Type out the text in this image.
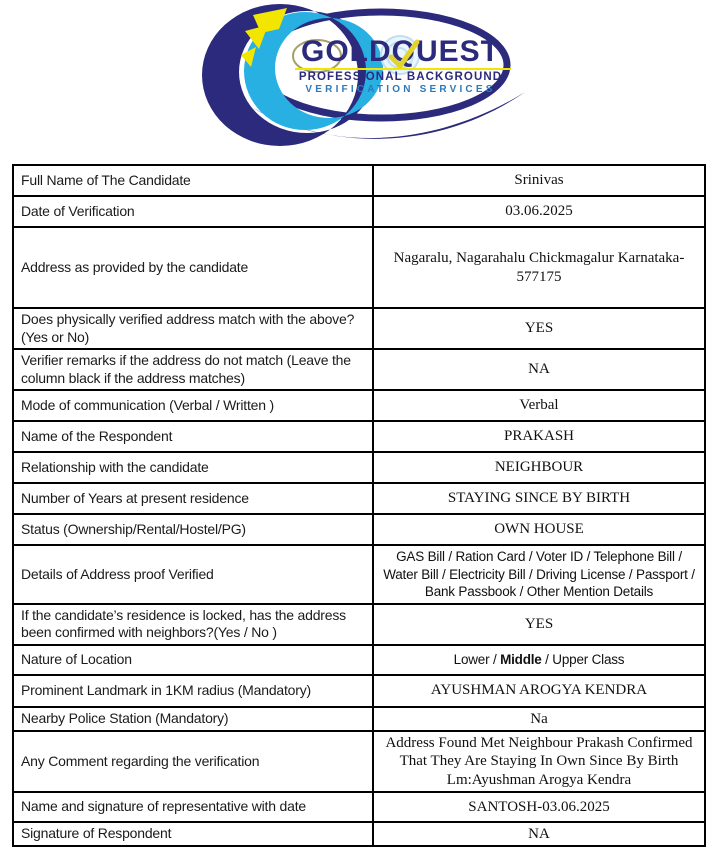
GOLDQUEST
PROFESSIONAL BACKGROUND
VERIFICATION SERVICES
Full Name of The Candidate	Srinivas
Date of Verification	03.06.2025
Address as provided by the candidate	Nagaralu, Nagarahalu Chickmagalur Karnataka-577175
Does physically verified address match with the above? (Yes or No)	YES
Verifier remarks if the address do not match (Leave the column black if the address matches)	NA
Mode of communication (Verbal / Written )	Verbal
Name of the Respondent	PRAKASH
Relationship with the candidate	NEIGHBOUR
Number of Years at present residence	STAYING SINCE BY BIRTH
Status (Ownership/Rental/Hostel/PG)	OWN HOUSE
Details of Address proof Verified	GAS Bill / Ration Card / Voter ID / Telephone Bill / Water Bill / Electricity Bill / Driving License / Passport / Bank Passbook / Other Mention Details
If the candidate’s residence is locked, has the address been confirmed with neighbors?(Yes / No )	YES
Nature of Location	Lower / Middle / Upper Class
Prominent Landmark in 1KM radius (Mandatory)	AYUSHMAN AROGYA KENDRA
Nearby Police Station (Mandatory)	Na
Any Comment regarding the verification	Address Found Met Neighbour Prakash Confirmed That They Are Staying In Own Since By Birth Lm:Ayushman Arogya Kendra
Name and signature of representative with date	SANTOSH-03.06.2025
Signature of Respondent	NA
